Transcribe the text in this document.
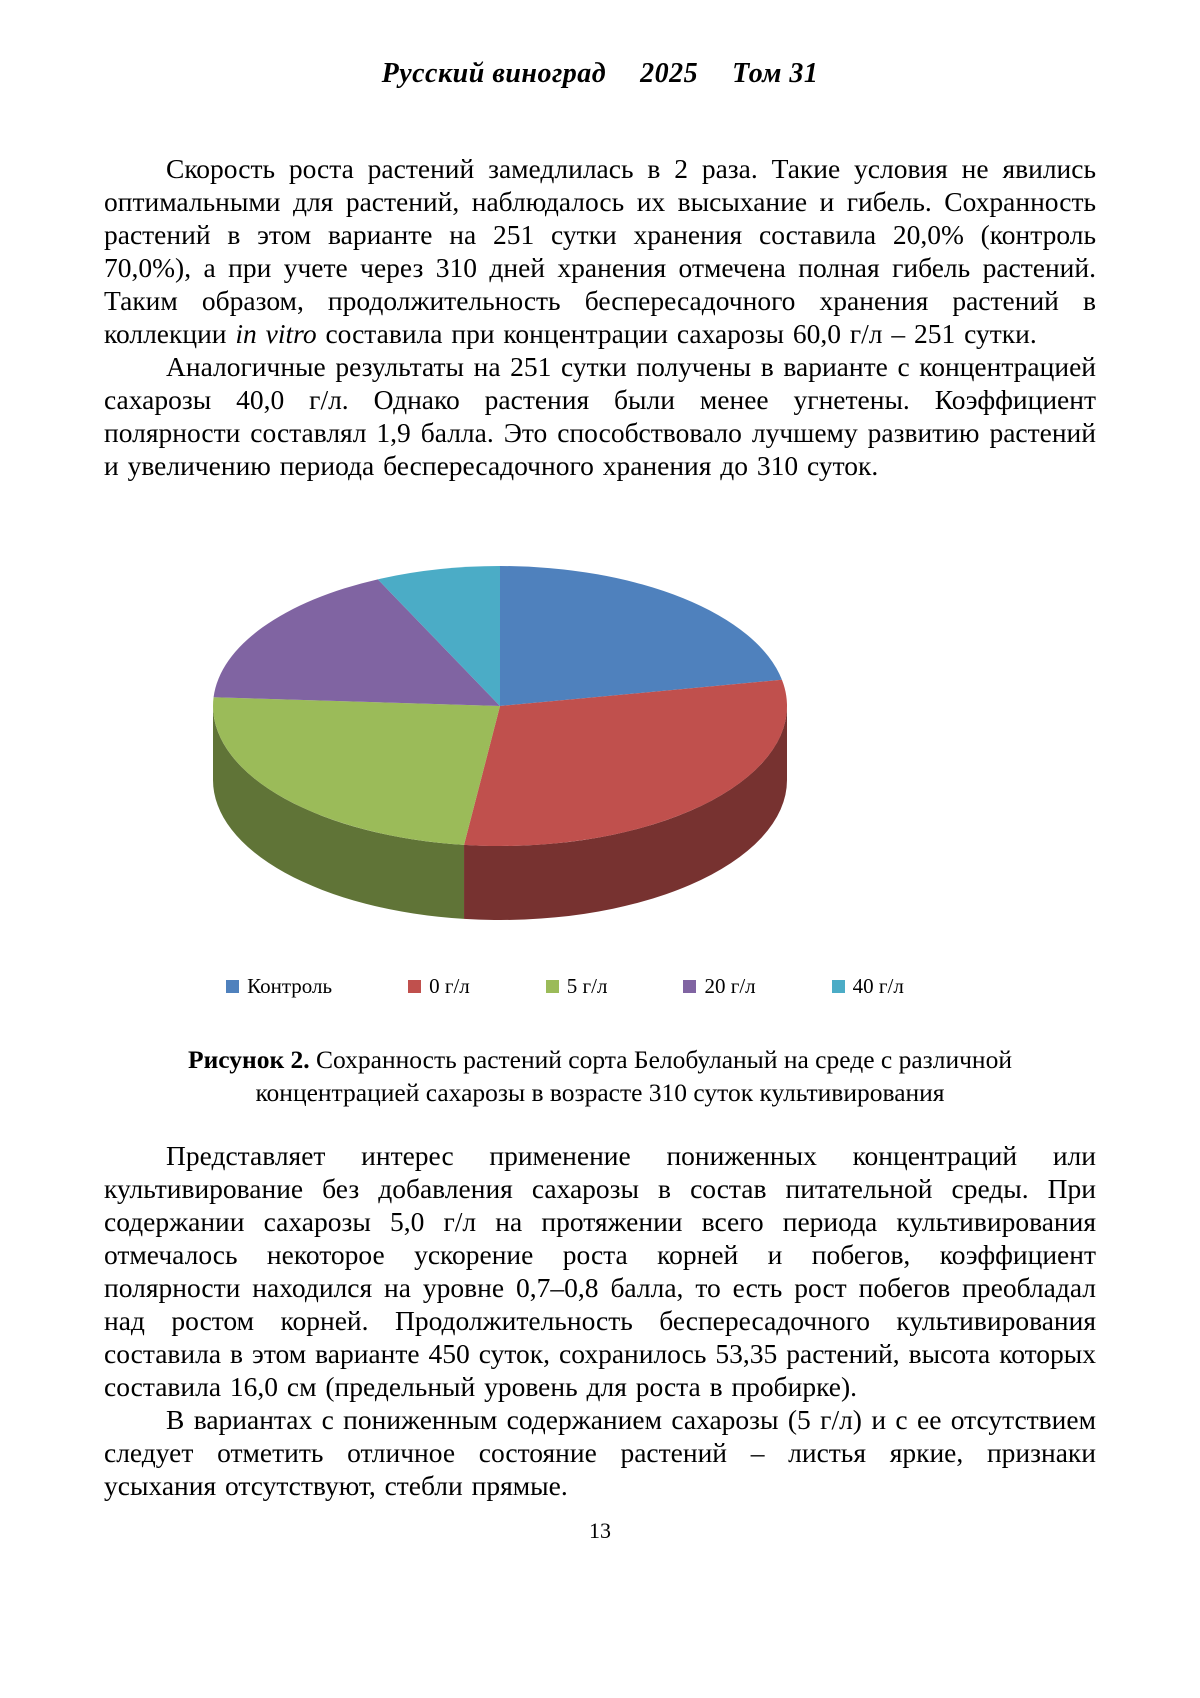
Русский виноград 2025 Том 31

Скорость роста растений замедлилась в 2 раза. Такие условия не явились оптимальными для растений, наблюдалось их высыхание и гибель. Сохранность растений в этом варианте на 251 сутки хранения составила 20,0% (контроль 70,0%), а при учете через 310 дней хранения отмечена полная гибель растений. Таким образом, продолжительность беспересадочного хранения растений в коллекции in vitro составила при концентрации сахарозы 60,0 г/л – 251 сутки.

Аналогичные результаты на 251 сутки получены в варианте с концентрацией сахарозы 40,0 г/л. Однако растения были менее угнетены. Коэффициент полярности составлял 1,9 балла. Это способствовало лучшему развитию растений и увеличению периода беспересадочного хранения до 310 суток.

Контроль	0 г/л	5 г/л	20 г/л	40 г/л
Рисунок 2. Сохранность растений сорта Белобуланый на среде с различной концентрацией сахарозы в возрасте 310 суток культивирования

Представляет интерес применение пониженных концентраций или культивирование без добавления сахарозы в состав питательной среды. При содержании сахарозы 5,0 г/л на протяжении всего периода культивирования отмечалось некоторое ускорение роста корней и побегов, коэффициент полярности находился на уровне 0,7–0,8 балла, то есть рост побегов преобладал над ростом корней. Продолжительность беспересадочного культивирования составила в этом варианте 450 суток, сохранилось 53,35 растений, высота которых составила 16,0 см (предельный уровень для роста в пробирке).

В вариантах с пониженным содержанием сахарозы (5 г/л) и с ее отсутствием следует отметить отличное состояние растений – листья яркие, признаки усыхания отсутствуют, стебли прямые.

13
